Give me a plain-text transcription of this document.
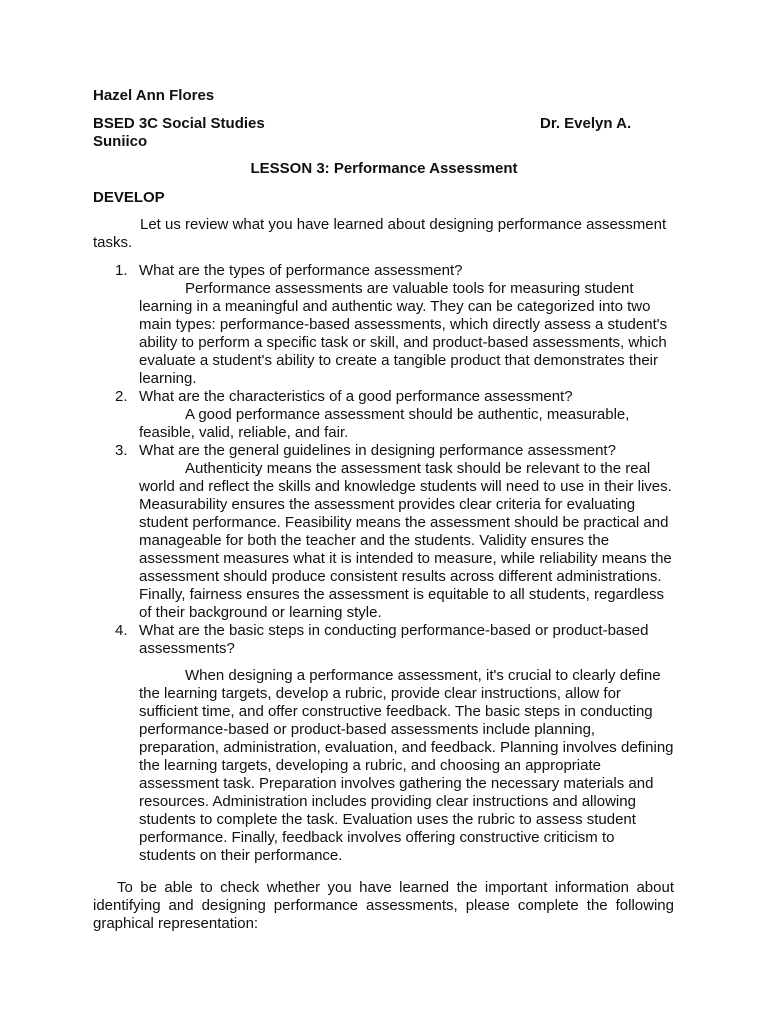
Hazel Ann Flores

BSED 3C Social Studies	Dr. Evelyn A.

Suniico

LESSON 3: Performance Assessment

DEVELOP

Let us review what you have learned about designing performance assessment tasks.

1. What are the types of performance assessment?
Performance assessments are valuable tools for measuring student learning in a meaningful and authentic way. They can be categorized into two main types: performance-based assessments, which directly assess a student's ability to perform a specific task or skill, and product-based assessments, which evaluate a student's ability to create a tangible product that demonstrates their learning.
2. What are the characteristics of a good performance assessment?
A good performance assessment should be authentic, measurable, feasible, valid, reliable, and fair.
3. What are the general guidelines in designing performance assessment?
Authenticity means the assessment task should be relevant to the real world and reflect the skills and knowledge students will need to use in their lives. Measurability ensures the assessment provides clear criteria for evaluating student performance. Feasibility means the assessment should be practical and manageable for both the teacher and the students. Validity ensures the assessment measures what it is intended to measure, while reliability means the assessment should produce consistent results across different administrations. Finally, fairness ensures the assessment is equitable to all students, regardless of their background or learning style.
4. What are the basic steps in conducting performance-based or product-based assessments?
When designing a performance assessment, it's crucial to clearly define the learning targets, develop a rubric, provide clear instructions, allow for sufficient time, and offer constructive feedback. The basic steps in conducting performance-based or product-based assessments include planning, preparation, administration, evaluation, and feedback. Planning involves defining the learning targets, developing a rubric, and choosing an appropriate assessment task. Preparation involves gathering the necessary materials and resources. Administration includes providing clear instructions and allowing students to complete the task. Evaluation uses the rubric to assess student performance. Finally, feedback involves offering constructive criticism to students on their performance.

To be able to check whether you have learned the important information about identifying and designing performance assessments, please complete the following graphical representation:
